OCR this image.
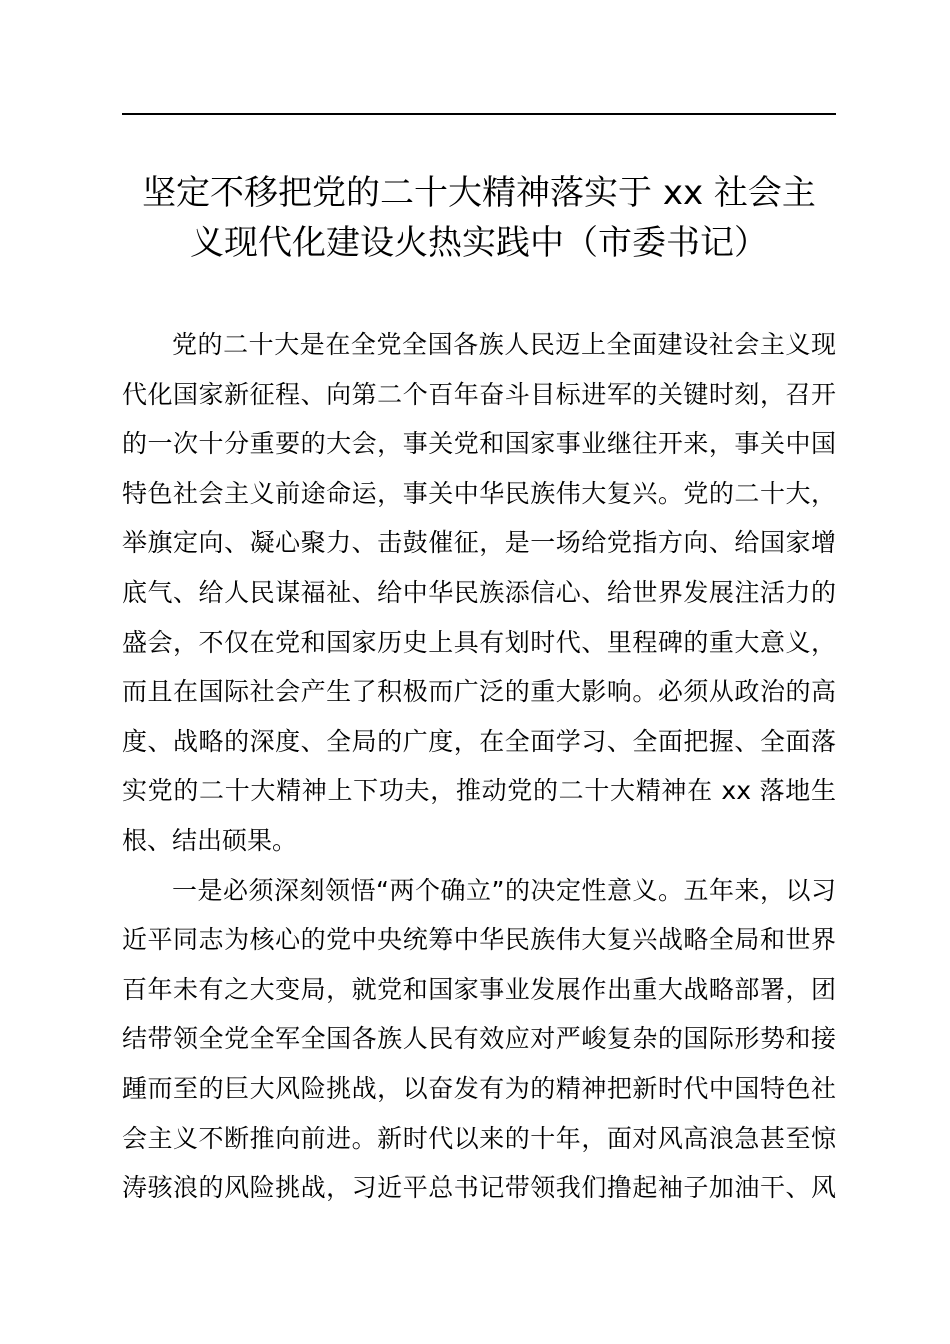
坚定不移把党的二十大精神落实于 xx 社会主
义现代化建设火热实践中（市委书记）

党的二十大是在全党全国各族人民迈上全面建设社会主义现
代化国家新征程、向第二个百年奋斗目标进军的关键时刻，召开
的一次十分重要的大会，事关党和国家事业继往开来，事关中国
特色社会主义前途命运，事关中华民族伟大复兴。党的二十大，
举旗定向、凝心聚力、击鼓催征，是一场给党指方向、给国家增
底气、给人民谋福祉、给中华民族添信心、给世界发展注活力的
盛会，不仅在党和国家历史上具有划时代、里程碑的重大意义，
而且在国际社会产生了积极而广泛的重大影响。必须从政治的高
度、战略的深度、全局的广度，在全面学习、全面把握、全面落
实党的二十大精神上下功夫，推动党的二十大精神在 xx 落地生
根、结出硕果。

一是必须深刻领悟“两个确立”的决定性意义。五年来，以习
近平同志为核心的党中央统筹中华民族伟大复兴战略全局和世界
百年未有之大变局，就党和国家事业发展作出重大战略部署，团
结带领全党全军全国各族人民有效应对严峻复杂的国际形势和接
踵而至的巨大风险挑战，以奋发有为的精神把新时代中国特色社
会主义不断推向前进。新时代以来的十年，面对风高浪急甚至惊
涛骇浪的风险挑战，习近平总书记带领我们撸起袖子加油干、风
